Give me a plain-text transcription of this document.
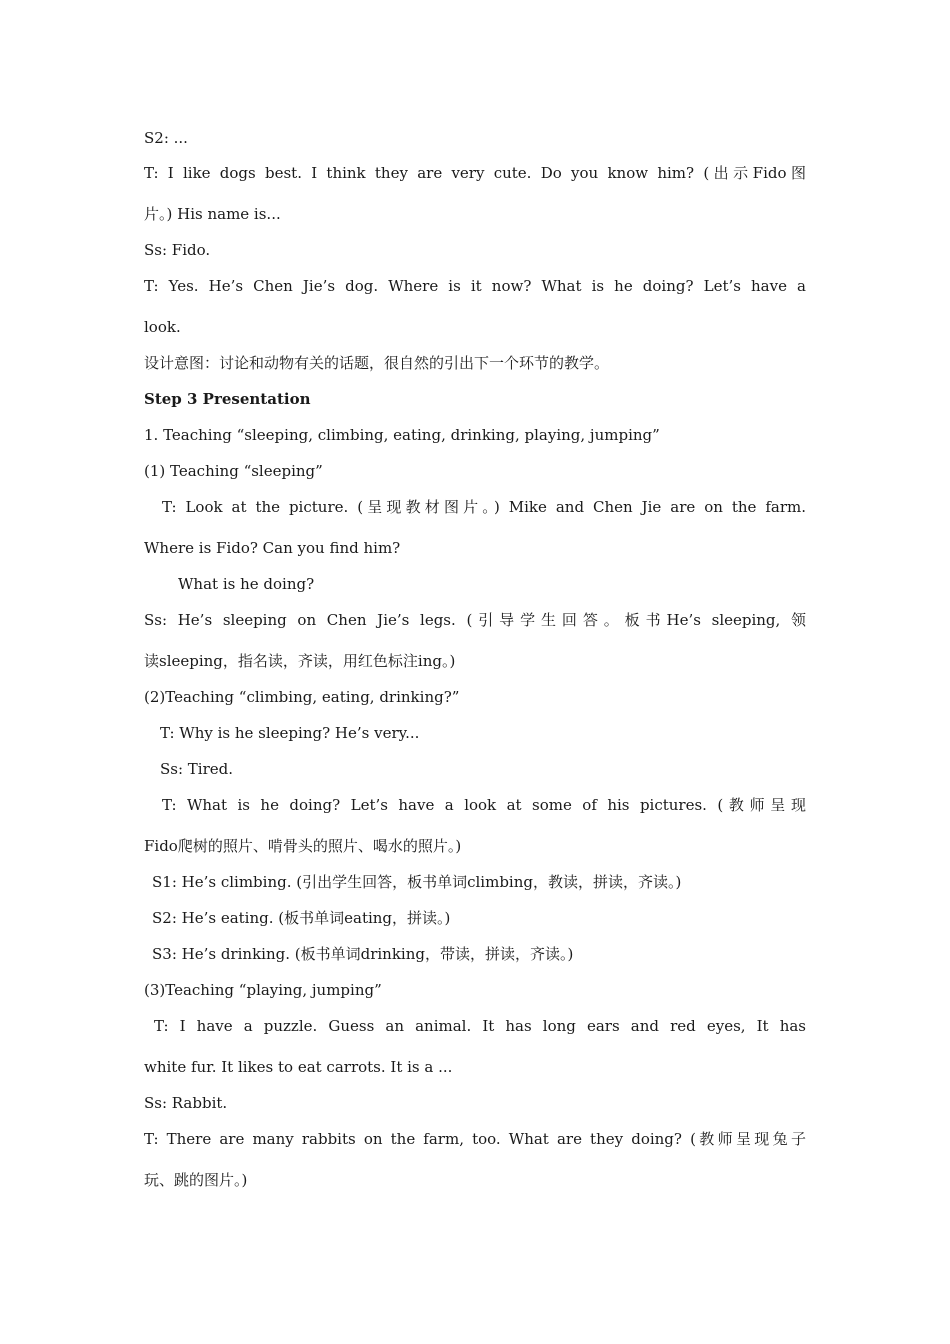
S2: ...
T: I like dogs best. I think they are very cute. Do you know him? (出示Fido图
片。) His name is...
Ss: Fido.
T: Yes. He’s Chen Jie’s dog. Where is it now? What is he doing? Let’s have a
look.
设计意图：讨论和动物有关的话题，很自然的引出下一个环节的教学。
Step 3 Presentation
1. Teaching “sleeping, climbing, eating, drinking, playing, jumping”
(1) Teaching “sleeping”
T: Look at the picture. (呈现教材图片。) Mike and Chen Jie are on the farm.
Where is Fido? Can you find him?
What is he doing?
Ss: He’s sleeping on Chen Jie’s legs. (引导学生回答。板书He’s sleeping, 领
读sleeping，指名读，齐读，用红色标注ing。)
(2)Teaching “climbing, eating, drinking?”
T: Why is he sleeping? He’s very...
Ss: Tired.
T: What is he doing? Let’s have a look at some of his pictures. (教师呈现
Fido爬树的照片、啃骨头的照片、喝水的照片。)
S1: He’s climbing. (引出学生回答，板书单词climbing，教读，拼读，齐读。)
S2: He’s eating. (板书单词eating，拼读。)
S3: He’s drinking. (板书单词drinking，带读，拼读，齐读。)
(3)Teaching “playing, jumping”
T: I have a puzzle. Guess an animal. It has long ears and red eyes, It has
white fur. It likes to eat carrots. It is a ...
Ss: Rabbit.
T: There are many rabbits on the farm, too. What are they doing? (教师呈现兔子
玩、跳的图片。)
